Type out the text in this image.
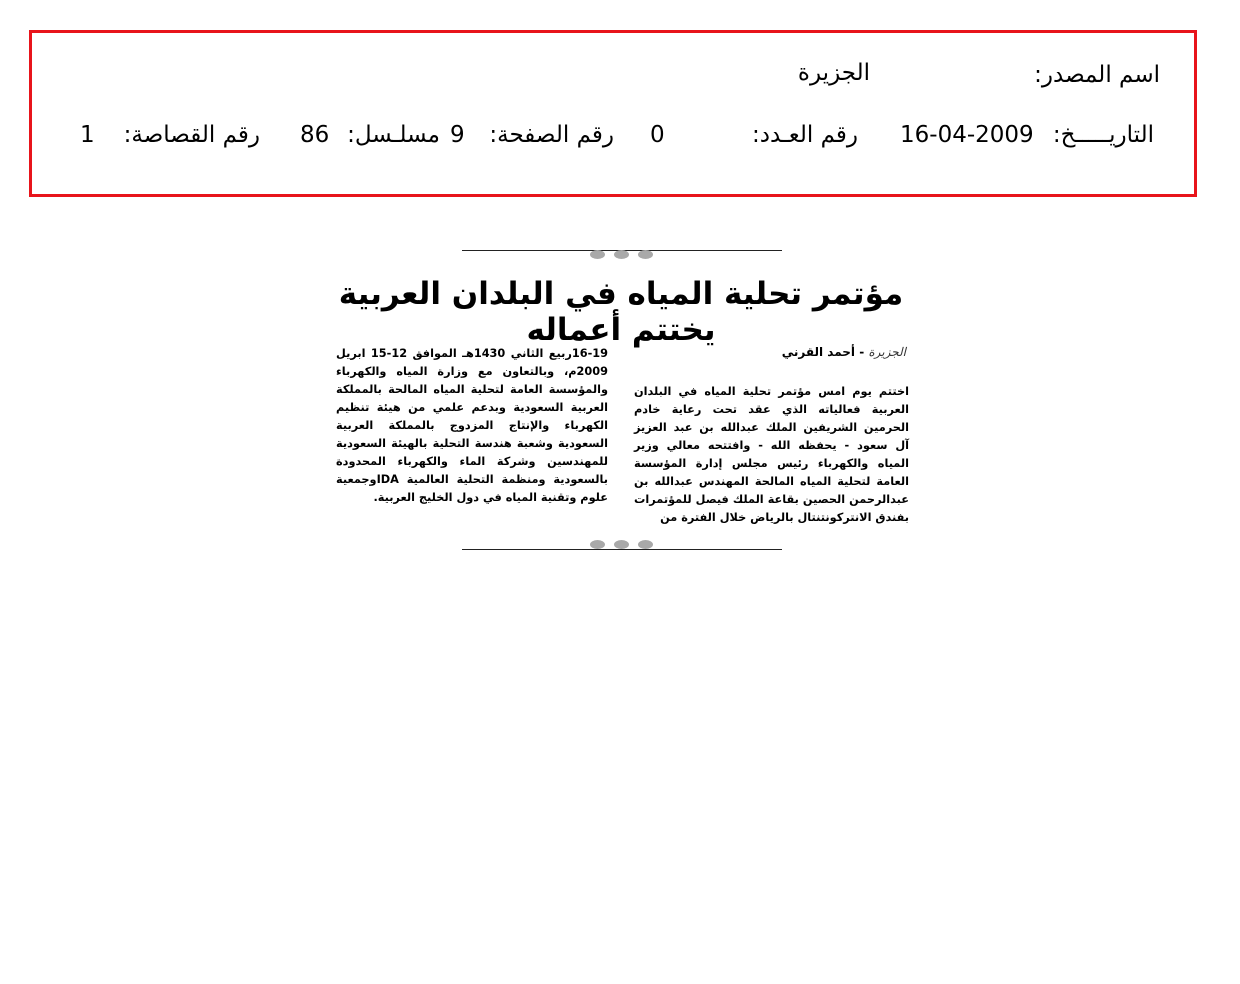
اسم المصدر:
الجزيرة
التاريـــــخ:
16-04-2009
رقم العـدد:
0
رقم الصفحة:
9
مسلـسل:
86
رقم القصاصة:
1
مؤتمر تحلية المياه في البلدان العربية يختتم أعماله
الجزيرة - أحمد القرني
اختتم يوم امس مؤتمر تحلية المياه في البلدان العربية فعالياته الذي عقد تحت رعاية خادم الحرمين الشريفين الملك عبدالله بن عبد العزيز آل سعود - يحفظه الله - وافتتحه معالي وزير المياه والكهرباء رئيس مجلس إدارة المؤسسة العامة لتحلية المياه المالحة المهندس عبدالله بن عبدالرحمن الحصين بقاعة الملك فيصل للمؤتمرات بفندق الانتركونتنتال بالرياض خلال الفترة من
16-19ربيع الثاني 1430هـ الموافق 12-15 ابريل 2009م، وبالتعاون مع وزارة المياه والكهرباء والمؤسسة العامة لتحلية المياه المالحة بالمملكة العربية السعودية وبدعم علمي من هيئة تنظيم الكهرباء والإنتاج المزدوج بالمملكة العربية السعودية وشعبة هندسة التحلية بالهيئة السعودية للمهندسين وشركة الماء والكهرباء المحدودة بالسعودية ومنظمة التحلية العالمية IDAوجمعية علوم وتقنية المياه في دول الخليج العربية.
